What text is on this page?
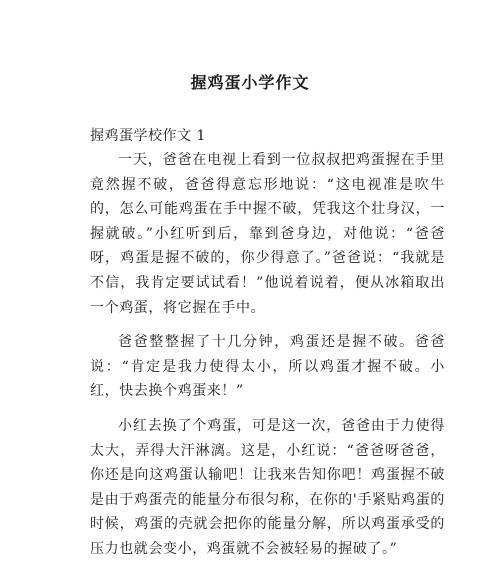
握鸡蛋小学作文
握鸡蛋学校作文 1

一天，爸爸在电视上看到一位叔叔把鸡蛋握在手里竟然握不破，爸爸得意忘形地说：“这电视准是吹牛的，怎么可能鸡蛋在手中握不破，凭我这个壮身汉，一握就破。”小红听到后，靠到爸身边，对他说：“爸爸呀，鸡蛋是握不破的，你少得意了。”爸爸说：“我就是不信，我肯定要试试看！”他说着说着，便从冰箱取出一个鸡蛋，将它握在手中。

爸爸整整握了十几分钟，鸡蛋还是握不破。爸爸说：“肯定是我力使得太小，所以鸡蛋才握不破。小红，快去换个鸡蛋来！”

小红去换了个鸡蛋，可是这一次，爸爸由于力使得太大，弄得大汗淋漓。这是，小红说：“爸爸呀爸爸，你还是向这鸡蛋认输吧！让我来告知你吧！鸡蛋握不破是由于鸡蛋壳的能量分布很匀称，在你的'手紧贴鸡蛋的时候，鸡蛋的壳就会把你的能量分解，所以鸡蛋承受的压力也就会变小，鸡蛋就不会被轻易的握破了。”
